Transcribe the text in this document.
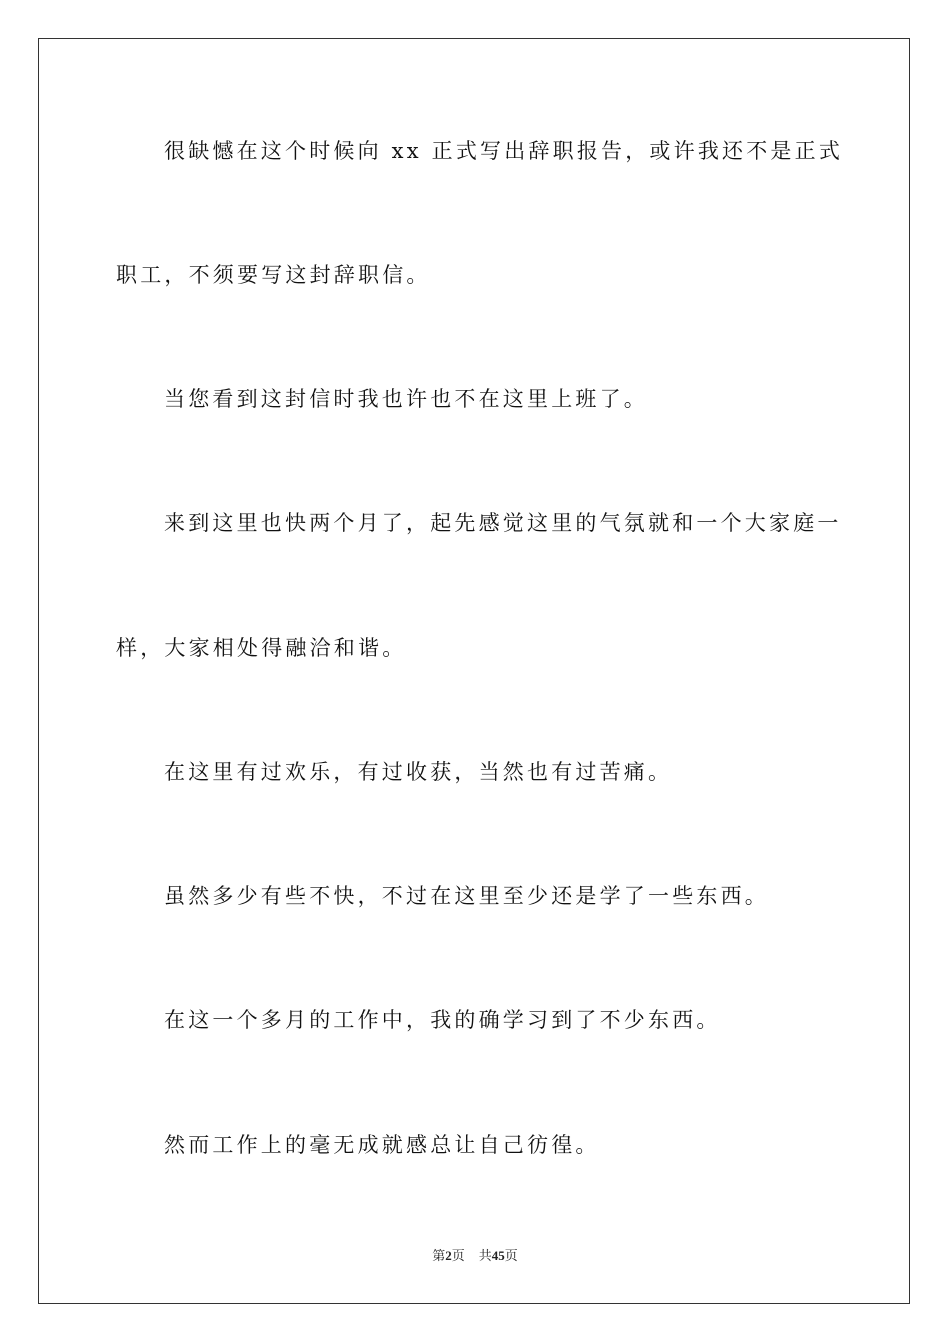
很缺憾在这个时候向 xx 正式写出辞职报告，或许我还不是正式

职工，不须要写这封辞职信。

当您看到这封信时我也许也不在这里上班了。

来到这里也快两个月了，起先感觉这里的气氛就和一个大家庭一

样，大家相处得融洽和谐。

在这里有过欢乐，有过收获，当然也有过苦痛。

虽然多少有些不快，不过在这里至少还是学了一些东西。

在这一个多月的工作中，我的确学习到了不少东西。

然而工作上的毫无成就感总让自己彷徨。

第2页 共45页
